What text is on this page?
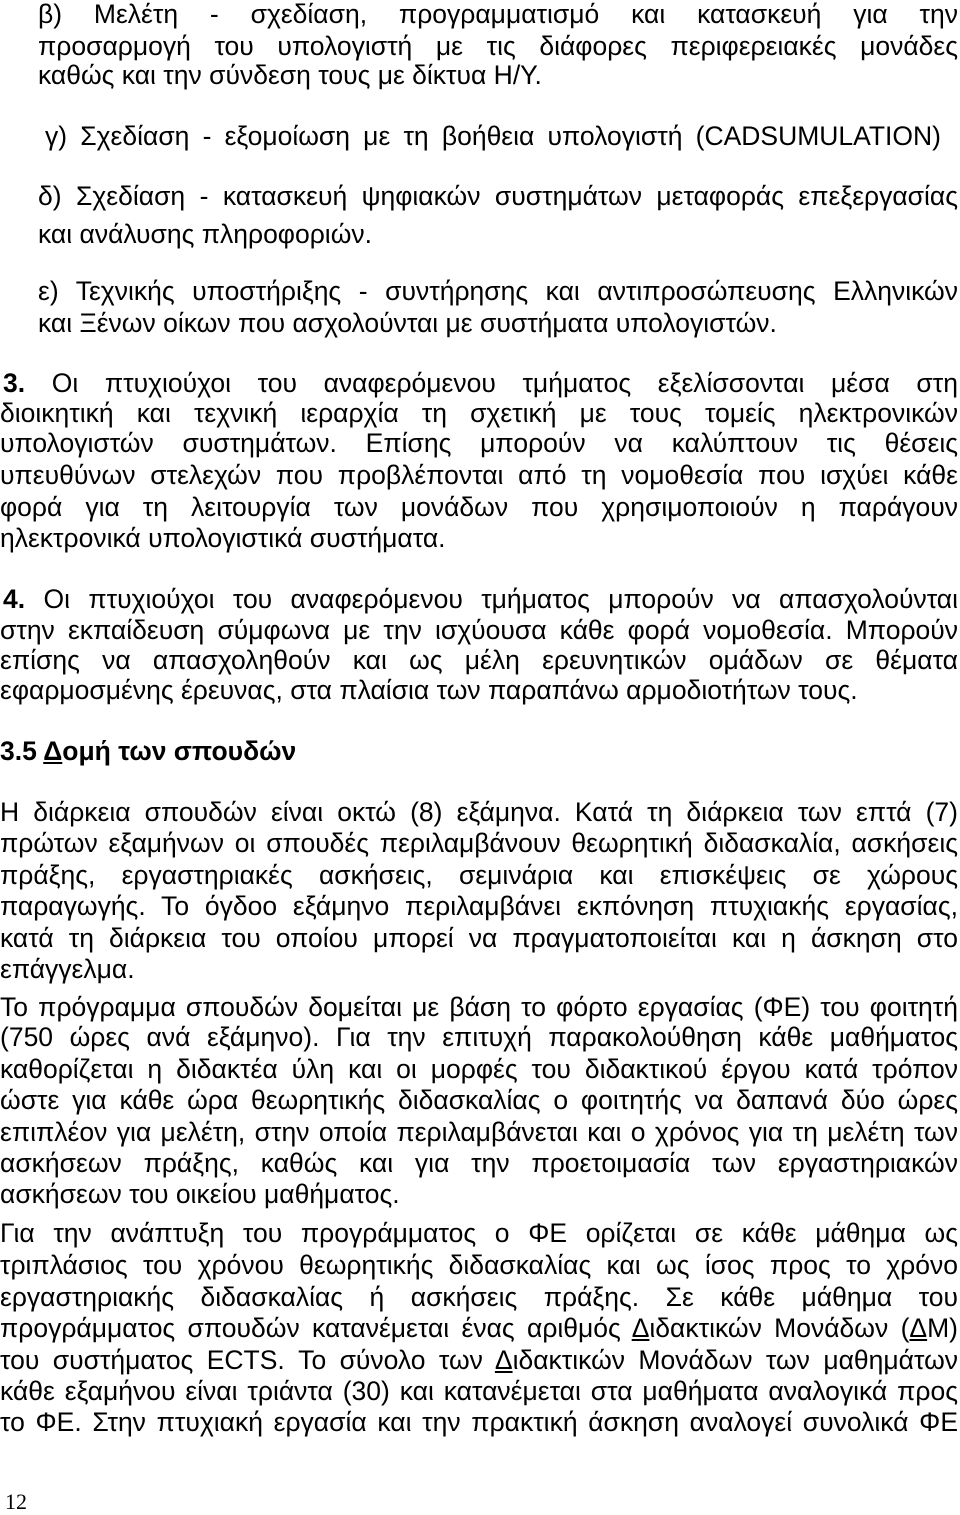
β) Μελέτη - σχεδίαση, προγραμματισμό και κατασκευή για την
προσαρμογή του υπολογιστή με τις διάφορες περιφερειακές μονάδες
καθώς και την σύνδεση τους με δίκτυα Η/Υ.
γ) Σχεδίαση - εξομοίωση με τη βοήθεια υπολογιστή (CADSUMULATION)
δ) Σχεδίαση - κατασκευή ψηφιακών συστημάτων μεταφοράς επεξεργασίας
και ανάλυσης πληροφοριών.
ε) Τεχνικής υποστήριξης - συντήρησης και αντιπροσώπευσης Ελληνικών
και Ξένων οίκων που ασχολούνται με συστήματα υπολογιστών.
3. Οι πτυχιούχοι του αναφερόμενου τμήματος εξελίσσονται μέσα στη
διοικητική και τεχνική ιεραρχία τη σχετική με τους τομείς ηλεκτρονικών
υπολογιστών συστημάτων. Επίσης μπορούν να καλύπτουν τις θέσεις
υπευθύνων στελεχών που προβλέπονται από τη νομοθεσία που ισχύει κάθε
φορά για τη λειτουργία των μονάδων που χρησιμοποιούν η παράγουν
ηλεκτρονικά υπολογιστικά συστήματα.
4. Οι πτυχιούχοι του αναφερόμενου τμήματος μπορούν να απασχολούνται
στην εκπαίδευση σύμφωνα με την ισχύουσα κάθε φορά νομοθεσία. Μπορούν
επίσης να απασχοληθούν και ως μέλη ερευνητικών ομάδων σε θέματα
εφαρμοσμένης έρευνας, στα πλαίσια των παραπάνω αρμοδιοτήτων τους.
3.5 Δομή των σπουδών
Η διάρκεια σπουδών είναι οκτώ (8) εξάμηνα. Κατά τη διάρκεια των επτά (7)
πρώτων εξαμήνων οι σπουδές περιλαμβάνουν θεωρητική διδασκαλία, ασκήσεις
πράξης, εργαστηριακές ασκήσεις, σεμινάρια και επισκέψεις σε χώρους
παραγωγής. Το όγδοο εξάμηνο περιλαμβάνει εκπόνηση πτυχιακής εργασίας,
κατά τη διάρκεια του οποίου μπορεί να πραγματοποιείται και η άσκηση στο
επάγγελμα.
Το πρόγραμμα σπουδών δομείται με βάση το φόρτο εργασίας (ΦΕ) του φοιτητή
(750 ώρες ανά εξάμηνο). Για την επιτυχή παρακολούθηση κάθε μαθήματος
καθορίζεται η διδακτέα ύλη και οι μορφές του διδακτικού έργου κατά τρόπον
ώστε για κάθε ώρα θεωρητικής διδασκαλίας ο φοιτητής να δαπανά δύο ώρες
επιπλέον για μελέτη, στην οποία περιλαμβάνεται και ο χρόνος για τη μελέτη των
ασκήσεων πράξης, καθώς και για την προετοιμασία των εργαστηριακών
ασκήσεων του οικείου μαθήματος.
Για την ανάπτυξη του προγράμματος ο ΦΕ ορίζεται σε κάθε μάθημα ως
τριπλάσιος του χρόνου θεωρητικής διδασκαλίας και ως ίσος προς το χρόνο
εργαστηριακής διδασκαλίας ή ασκήσεις πράξης. Σε κάθε μάθημα του
προγράμματος σπουδών κατανέμεται ένας αριθμός Διδακτικών Μονάδων (ΔΜ)
του συστήματος ECTS. Το σύνολο των Διδακτικών Μονάδων των μαθημάτων
κάθε εξαμήνου είναι τριάντα (30) και κατανέμεται στα μαθήματα αναλογικά προς
το ΦΕ. Στην πτυχιακή εργασία και την πρακτική άσκηση αναλογεί συνολικά ΦΕ
12
